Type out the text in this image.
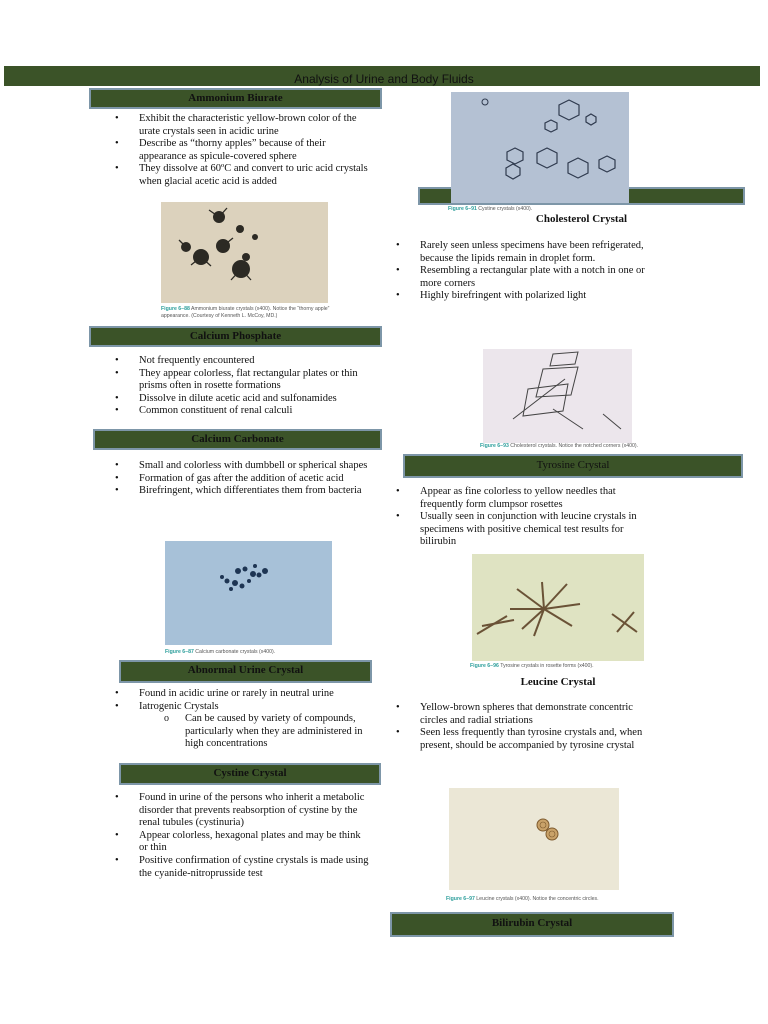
Analysis of Urine and Body Fluids
Ammonium Biurate
• Exhibit the characteristic yellow-brown color of the urate crystals seen in acidic urine
• Describe as “thorny apples” because of their appearance as spicule-covered sphere
• They dissolve at 60ºC and convert to uric acid crystals when glacial acetic acid is added
Figure 6–88 Ammonium biurate crystals (x400). Notice the “thorny apple” appearance. (Courtesy of Kenneth L. McCoy, MD.)
Calcium Phosphate
• Not frequently encountered
• They appear colorless, flat rectangular plates or thin prisms often in rosette formations
• Dissolve in dilute acetic acid and sulfonamides
• Common constituent of renal calculi
Calcium Carbonate
• Small and colorless with dumbbell or spherical shapes
• Formation of gas after the addition of acetic acid
• Birefringent, which differentiates them from bacteria
Figure 6–87 Calcium carbonate crystals (x400).
Abnormal Urine Crystal
• Found in acidic urine or rarely in neutral urine
• Iatrogenic Crystals
o Can be caused by variety of compounds, particularly when they are administered in high concentrations
Cystine Crystal
• Found in urine of the persons who inherit a metabolic disorder that prevents reabsorption of cystine by the renal tubules (cystinuria)
• Appear colorless, hexagonal plates and may be think or thin
• Positive confirmation of cystine crystals is made using the cyanide-nitroprusside test
Figure 6–91 Cystine crystals (x400).
Cholesterol Crystal
• Rarely seen unless specimens have been refrigerated, because the lipids remain in droplet form.
• Resembling a rectangular plate with a notch in one or more corners
• Highly birefringent with polarized light
Figure 6–93 Cholesterol crystals. Notice the notched corners (x400).
Tyrosine Crystal
• Appear as fine colorless to yellow needles that frequently form clumpsor rosettes
• Usually seen in conjunction with leucine crystals in specimens with positive chemical test results for bilirubin
Figure 6–96 Tyrosine crystals in rosette forms (x400).
Leucine Crystal
• Yellow-brown spheres that demonstrate concentric circles and radial striations
• Seen less frequently than tyrosine crystals and, when present, should be accompanied by tyrosine crystal
Figure 6–97 Leucine crystals (x400). Notice the concentric circles.
Bilirubin Crystal
